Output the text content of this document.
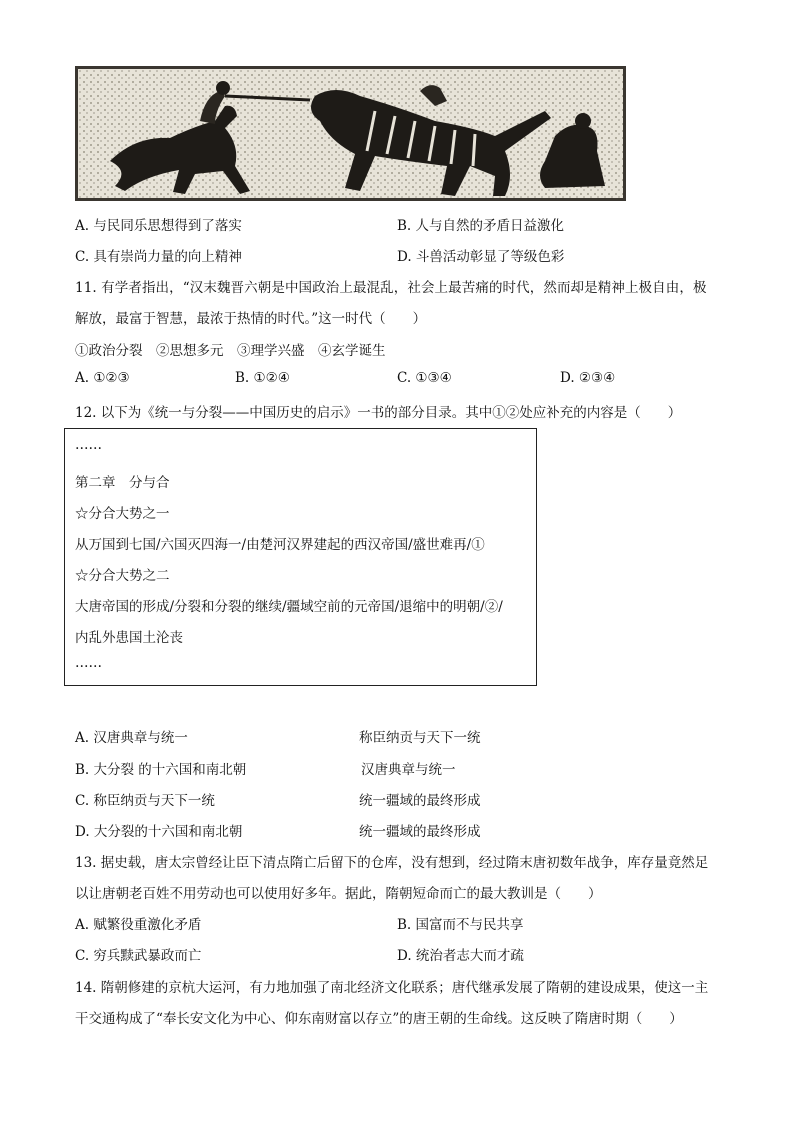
A. 与民同乐思想得到了落实	B. 人与自然的矛盾日益激化
C. 具有崇尚力量的向上精神	D. 斗兽活动彰显了等级色彩
11. 有学者指出，“汉末魏晋六朝是中国政治上最混乱，社会上最苦痛的时代，然而却是精神上极自由，极
解放，最富于智慧，最浓于热情的时代。”这一时代（　　）
①政治分裂　②思想多元　③理学兴盛　④玄学诞生
A. ①②③	B. ①②④	C. ①③④	D. ②③④
12. 以下为《统一与分裂——中国历史的启示》一书的部分目录。其中①②处应补充的内容是（　　）
……
第二章　分与合
☆分合大势之一
从万国到七国/六国灭四海一/由楚河汉界建起的西汉帝国/盛世难再/①
☆分合大势之二
大唐帝国的形成/分裂和分裂的继续/疆域空前的元帝国/退缩中的明朝/②/
内乱外患国土沦丧
……
A. 汉唐典章与统一	称臣纳贡与天下一统
B. 大分裂 的十六国和南北朝	汉唐典章与统一
C. 称臣纳贡与天下一统	统一疆域的最终形成
D. 大分裂的十六国和南北朝	统一疆域的最终形成
13. 据史载，唐太宗曾经让臣下清点隋亡后留下的仓库，没有想到，经过隋末唐初数年战争，库存量竟然足
以让唐朝老百姓不用劳动也可以使用好多年。据此，隋朝短命而亡的最大教训是（　　）
A. 赋繁役重激化矛盾	B. 国富而不与民共享
C. 穷兵黩武暴政而亡	D. 统治者志大而才疏
14. 隋朝修建的京杭大运河，有力地加强了南北经济文化联系；唐代继承发展了隋朝的建设成果，使这一主
干交通构成了“奉长安文化为中心、仰东南财富以存立”的唐王朝的生命线。这反映了隋唐时期（　　）
